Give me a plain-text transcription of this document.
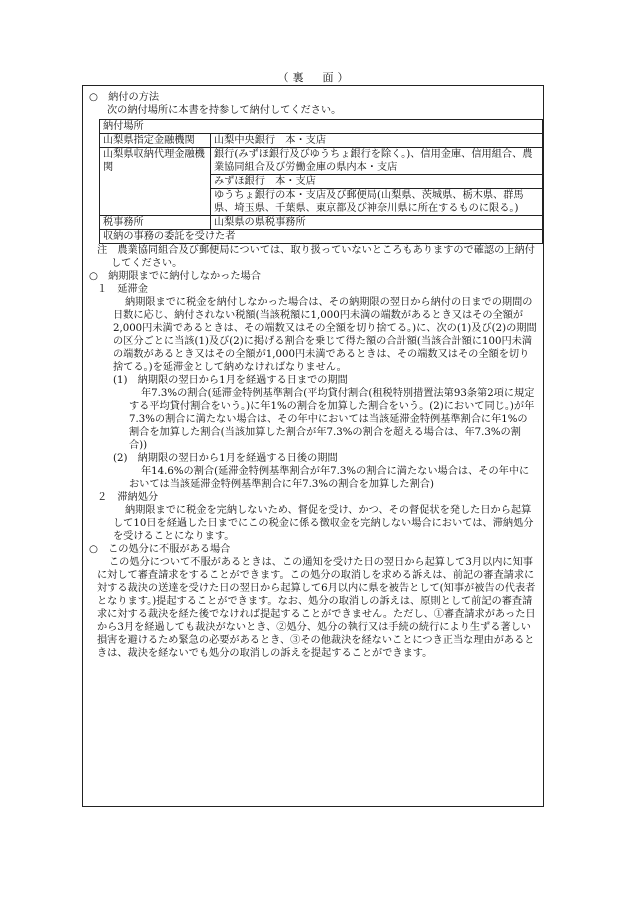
（裏　面）

○　納付の方法

次の納付場所に本書を持参して納付してください。

納付場所	
山梨県指定金融機関	山梨中央銀行　本・支店
山梨県収納代理金融機関	銀行(みずほ銀行及びゆうちょ銀行を除く。)、信用金庫、信用組合、農業協同組合及び労働金庫の県内本・支店
	みずほ銀行　本・支店
	ゆうちょ銀行の本・支店及び郵便局(山梨県、茨城県、栃木県、群馬県、埼玉県、千葉県、東京都及び神奈川県に所在するものに限る。)
税事務所	山梨県の県税事務所
収納の事務の委託を受けた者	

注　農業協同組合及び郵便局については、取り扱っていないところもありますので確認の上納付してください。

○　納期限までに納付しなかった場合

１　延滞金

納期限までに税金を納付しなかった場合は、その納期限の翌日から納付の日までの期間の日数に応じ、納付されない税額(当該税額に1,000円未満の端数があるとき又はその全額が2,000円未満であるときは、その端数又はその全額を切り捨てる。)に、次の(1)及び(2)の期間の区分ごとに当該(1)及び(2)に掲げる割合を乗じて得た額の合計額(当該合計額に100円未満の端数があるとき又はその全額が1,000円未満であるときは、その端数又はその全額を切り捨てる。)を延滞金として納めなければなりません。

(1)　納期限の翌日から1月を経過する日までの期間

年7.3%の割合(延滞金特例基準割合(平均貸付割合(租税特別措置法第93条第2項に規定する平均貸付割合をいう。)に年1%の割合を加算した割合をいう。(2)において同じ。)が年7.3%の割合に満たない場合は、その年中においては当該延滞金特例基準割合に年1%の割合を加算した割合(当該加算した割合が年7.3%の割合を超える場合は、年7.3%の割合))

(2)　納期限の翌日から1月を経過する日後の期間

年14.6%の割合(延滞金特例基準割合が年7.3%の割合に満たない場合は、その年中においては当該延滞金特例基準割合に年7.3%の割合を加算した割合)

２　滞納処分

納期限までに税金を完納しないため、督促を受け、かつ、その督促状を発した日から起算して10日を経過した日までにこの税金に係る徴収金を完納しない場合においては、滞納処分を受けることになります。

○　この処分に不服がある場合

この処分について不服があるときは、この通知を受けた日の翌日から起算して3月以内に知事に対して審査請求をすることができます。この処分の取消しを求める訴えは、前記の審査請求に対する裁決の送達を受けた日の翌日から起算して6月以内に県を被告として(知事が被告の代表者となります。)提起することができます。なお、処分の取消しの訴えは、原則として前記の審査請求に対する裁決を経た後でなければ提起することができません。ただし、①審査請求があった日から3月を経過しても裁決がないとき、②処分、処分の執行又は手続の続行により生ずる著しい損害を避けるため緊急の必要があるとき、③その他裁決を経ないことにつき正当な理由があるときは、裁決を経ないでも処分の取消しの訴えを提起することができます。
